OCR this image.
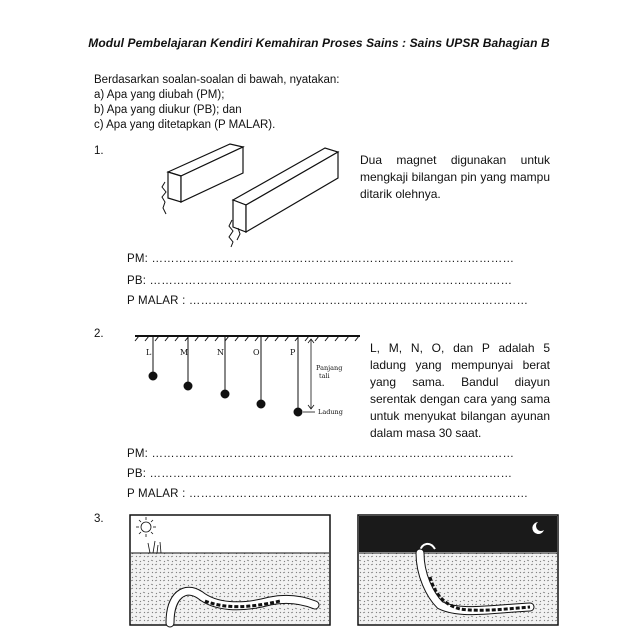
Modul Pembelajaran Kendiri Kemahiran Proses Sains : Sains UPSR Bahagian B
Berdasarkan soalan-soalan di bawah, nyatakan:
a) Apa yang diubah (PM);
b) Apa yang diukur (PB); dan
c) Apa yang ditetapkan (P MALAR).
1.
Dua magnet digunakan untuk mengkaji bilangan pin yang mampu ditarik olehnya.
PM: …………………………………………………………………………………
PB: …………………………………………………………………………………
P MALAR : ……………………………………………………………………………
2.
L	M	N	O	P
Panjang
tali
Ladung
L, M, N, O, dan P adalah 5 ladung yang mempunyai berat yang sama. Bandul diayun serentak dengan cara yang sama untuk menyukat bilangan ayunan dalam masa 30 saat.
PM: …………………………………………………………………………………
PB: …………………………………………………………………………………
P MALAR : ……………………………………………………………………………
3.
